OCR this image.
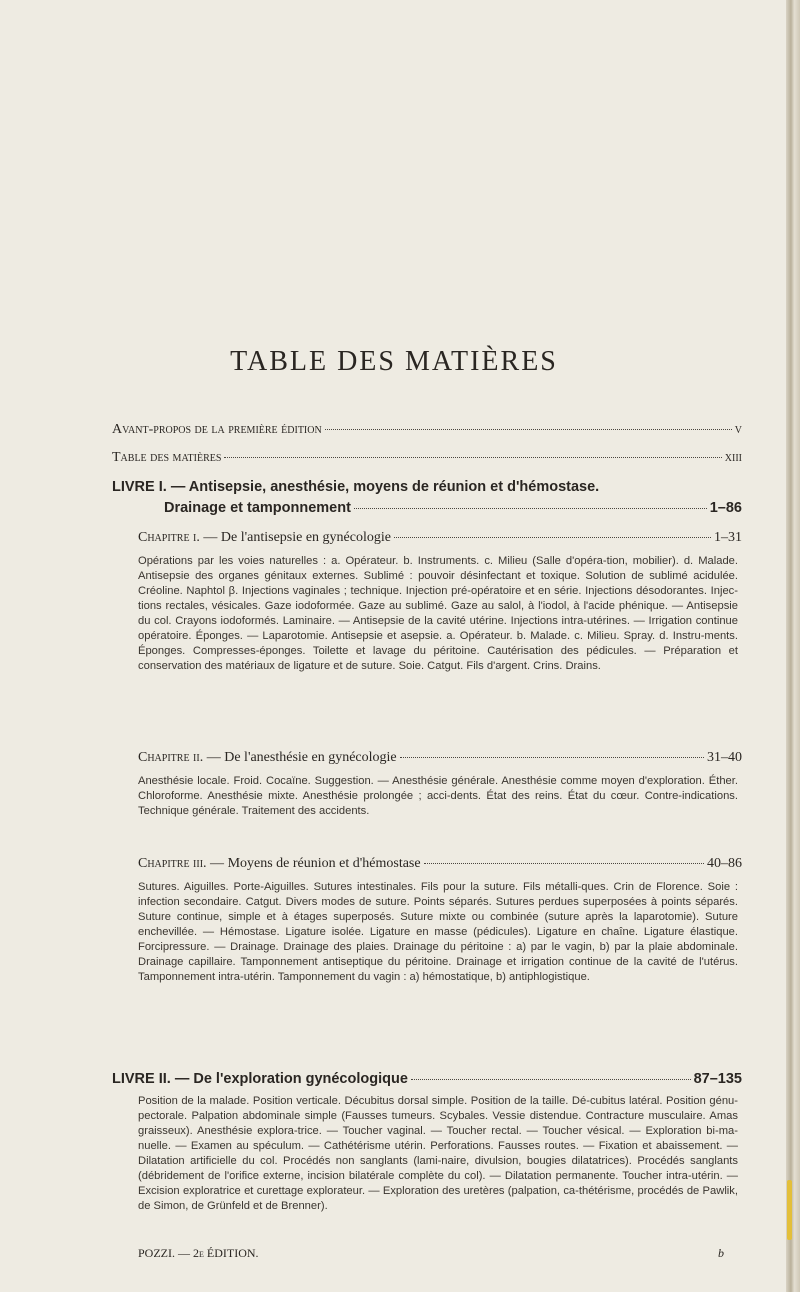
TABLE DES MATIÈRES
Avant-propos de la première édition	v
Table des matières	xiii
LIVRE I. — Antisepsie, anesthésie, moyens de réunion et d'hémostase.
Drainage et tamponnement	1–86
Chapitre i. — De l'antisepsie en gynécologie	1–31
Opérations par les voies naturelles : a. Opérateur. b. Instruments. c. Milieu (Salle d'opéra-tion, mobilier). d. Malade. Antisepsie des organes génitaux externes. Sublimé : pouvoir désinfectant et toxique. Solution de sublimé acidulée. Créoline. Naphtol β. Injections vaginales ; technique. Injection pré-opératoire et en série. Injections désodorantes. Injec-tions rectales, vésicales. Gaze iodoformée. Gaze au sublimé. Gaze au salol, à l'iodol, à l'acide phénique. — Antisepsie du col. Crayons iodoformés. Laminaire. — Antisepsie de la cavité utérine. Injections intra-utérines. — Irrigation continue opératoire. Éponges. — Laparotomie. Antisepsie et asepsie. a. Opérateur. b. Malade. c. Milieu. Spray. d. Instru-ments. Éponges. Compresses-éponges. Toilette et lavage du péritoine. Cautérisation des pédicules. — Préparation et conservation des matériaux de ligature et de suture. Soie. Catgut. Fils d'argent. Crins. Drains.
Chapitre ii. — De l'anesthésie en gynécologie	31–40
Anesthésie locale. Froid. Cocaïne. Suggestion. — Anesthésie générale. Anesthésie comme moyen d'exploration. Éther. Chloroforme. Anesthésie mixte. Anesthésie prolongée ; acci-dents. État des reins. État du cœur. Contre-indications. Technique générale. Traitement des accidents.
Chapitre iii. — Moyens de réunion et d'hémostase	40–86
Sutures. Aiguilles. Porte-Aiguilles. Sutures intestinales. Fils pour la suture. Fils métalli-ques. Crin de Florence. Soie : infection secondaire. Catgut. Divers modes de suture. Points séparés. Sutures perdues superposées à points séparés. Suture continue, simple et à étages superposés. Suture mixte ou combinée (suture après la laparotomie). Suture enchevillée. — Hémostase. Ligature isolée. Ligature en masse (pédicules). Ligature en chaîne. Ligature élastique. Forcipressure. — Drainage. Drainage des plaies. Drainage du péritoine : a) par le vagin, b) par la plaie abdominale. Drainage capillaire. Tamponnement antiseptique du péritoine. Drainage et irrigation continue de la cavité de l'utérus. Tamponnement intra-utérin. Tamponnement du vagin : a) hémostatique, b) antiphlogistique.
LIVRE II. — De l'exploration gynécologique	87–135
Position de la malade. Position verticale. Décubitus dorsal simple. Position de la taille. Dé-cubitus latéral. Position génu-pectorale. Palpation abdominale simple (Fausses tumeurs. Scybales. Vessie distendue. Contracture musculaire. Amas graisseux). Anesthésie explora-trice. — Toucher vaginal. — Toucher rectal. — Toucher vésical. — Exploration bi-ma-nuelle. — Examen au spéculum. — Cathétérisme utérin. Perforations. Fausses routes. — Fixation et abaissement. — Dilatation artificielle du col. Procédés non sanglants (lami-naire, divulsion, bougies dilatatrices). Procédés sanglants (débridement de l'orifice externe, incision bilatérale complète du col). — Dilatation permanente. Toucher intra-utérin. — Excision exploratrice et curettage explorateur. — Exploration des uretères (palpation, ca-thétérisme, procédés de Pawlik, de Simon, de Grünfeld et de Brenner).
POZZI. — 2e ÉDITION.	b
